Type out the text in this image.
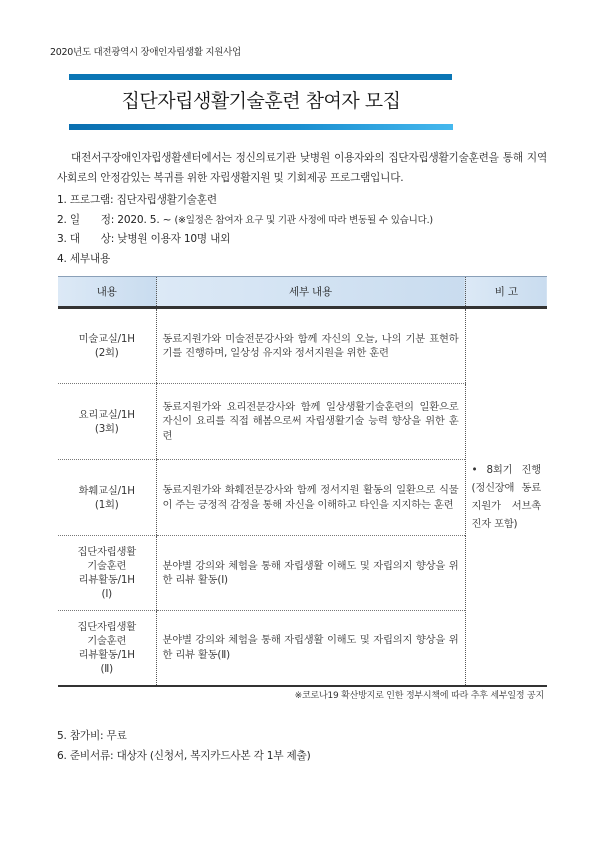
2020년도 대전광역시 장애인자립생활 지원사업
집단자립생활기술훈련 참여자 모집
대전서구장애인자립생활센터에서는 정신의료기관 낮병원 이용자와의 집단자립생활기술훈련을 통해 지역사회로의 안정감있는 복귀를 위한 자립생활지원 및 기회제공 프로그램입니다.
1. 프로그램: 집단자립생활기술훈련
2. 일　　정: 2020. 5. ~ (※일정은 참여자 요구 및 기관 사정에 따라 변동될 수 있습니다.)
3. 대　　상: 낮병원 이용자 10명 내외
4. 세부내용
내용	세부 내용	비 고

미술교실/1H
(2회)	동료지원가와 미술전문강사와 함께 자신의 오늘, 나의 기분 표현하기를 진행하며, 일상성 유지와 정서지원을 위한 훈련	• 8회기 진행 (정신장애 동료지원가 서브촉진자 포함)

요리교실/1H
(3회)	동료지원가와 요리전문강사와 함께 일상생활기술훈련의 일환으로 자신이 요리를 직접 해봄으로써 자립생활기술 능력 향상을 위한 훈련	

화훼교실/1H
(1회)	동료지원가와 화훼전문강사와 함께 정서지원 활동의 일환으로 식물이 주는 긍정적 감정을 통해 자신을 이해하고 타인을 지지하는 훈련	

집단자립생활
기술훈련
리뷰활동/1H
(Ⅰ)	분야별 강의와 체험을 통해 자립생활 이해도 및 자립의지 향상을 위한 리뷰 활동(Ⅰ)	

집단자립생활
기술훈련
리뷰활동/1H
(Ⅱ)	분야별 강의와 체험을 통해 자립생활 이해도 및 자립의지 향상을 위한 리뷰 활동(Ⅱ)	
※코로나19 확산방지로 인한 정부시책에 따라 추후 세부일정 공지
5. 참가비: 무료
6. 준비서류: 대상자 (신청서, 복지카드사본 각 1부 제출)
